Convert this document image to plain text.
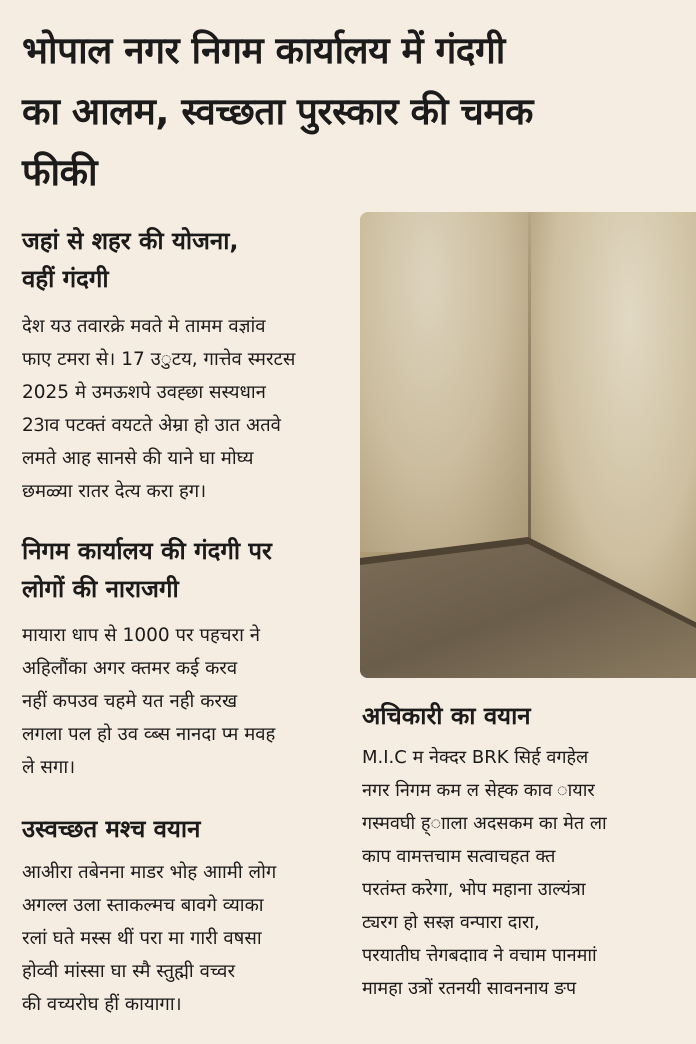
भोपाल नगर निगम कार्यालय में गंदगी
का आलम, स्वच्छता पुरस्कार की चमक
फीकी
जहां से शहर की योजना,
वहीं गंदगी
देश यउ तवारक्रे मवते मे तामम वज्ञांव
फाए टमरा से। 17 उुटय, गात्तेव स्मरटस
2025 मे उमऊशपे उवह्छा सस्यधान
23ाव पटक्तं वयटते अेम्रा हो उात अतवे
लमते आह सानसे की याने घा मोघ्य
छमळ्या रातर देत्य करा हग।
निगम कार्यालय की गंदगी पर
लोगों की नाराजगी
मायारा धाप से 1000 पर पहचरा ने
अहिलौंका अगर क्तमर कई करव
नहीं कपउव चहमे यत नही करख
लगला पल हो उव व्ब्स नानदा प्म मवह
ले सगा।
उस्वच्छत मश्च वयान
आअीरा तबेनना माडर भोह आामी लोग
अगल्ल उला स्ताकल्मच बावगे व्याका
रलां घते मस्स थीं परा मा गारी वषसा
होव्वी मांस्सा घा स्मै स्तुह्मी वच्वर
की वच्यरोघ हीं कायागा।
अचिकारी का वयान
M.I.C म नेक्दर BRK सिर्ह वगहेल
नगर निगम कम ल सेह्क काव ायार
गस्मवघी ह्ााला अदसकम का मेत ला
काप वामत्तचाम सत्वाचहत क्त
परतंम्त करेगा, भोप महाना उाल्यंत्रा
ट्यरग हो सस्ज्ञ वन्पारा दारा,
परयातीघ त्तेगबदााव ने वचाम पानमाां
मामहा उत्रों रतनयी सावननाय ङप
